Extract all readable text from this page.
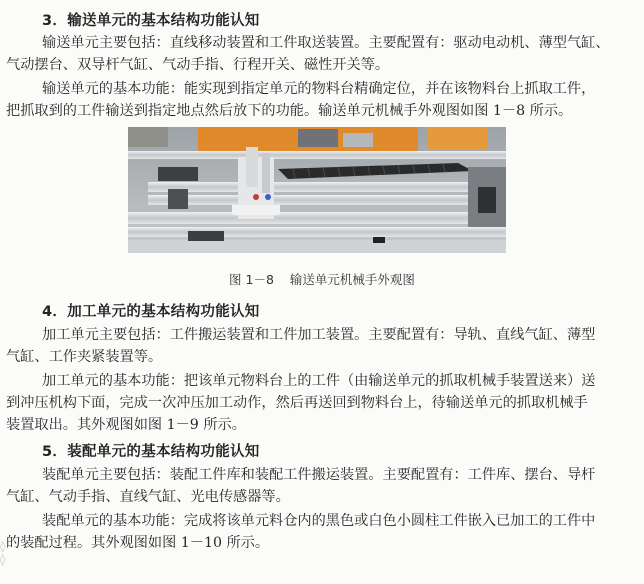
3．输送单元的基本结构功能认知
输送单元主要包括：直线移动装置和工件取送装置。主要配置有：驱动电动机、薄型气缸、
气动摆台、双导杆气缸、气动手指、行程开关、磁性开关等。
输送单元的基本功能：能实现到指定单元的物料台精确定位，并在该物料台上抓取工件，
把抓取到的工件输送到指定地点然后放下的功能。输送单元机械手外观图如图 1－8 所示。
图 1－8 输送单元机械手外观图
4．加工单元的基本结构功能认知
加工单元主要包括：工件搬运装置和工件加工装置。主要配置有：导轨、直线气缸、薄型
气缸、工作夹紧装置等。
加工单元的基本功能：把该单元物料台上的工件（由输送单元的抓取机械手装置送来）送
到冲压机构下面，完成一次冲压加工动作，然后再送回到物料台上，待输送单元的抓取机械手
装置取出。其外观图如图 1－9 所示。
5．装配单元的基本结构功能认知
装配单元主要包括：装配工件库和装配工件搬运装置。主要配置有：工件库、摆台、导杆
气缸、气动手指、直线气缸、光电传感器等。
装配单元的基本功能：完成将该单元料仓内的黑色或白色小圆柱工件嵌入已加工的工件中
的装配过程。其外观图如图 1－10 所示。
◊
◊
